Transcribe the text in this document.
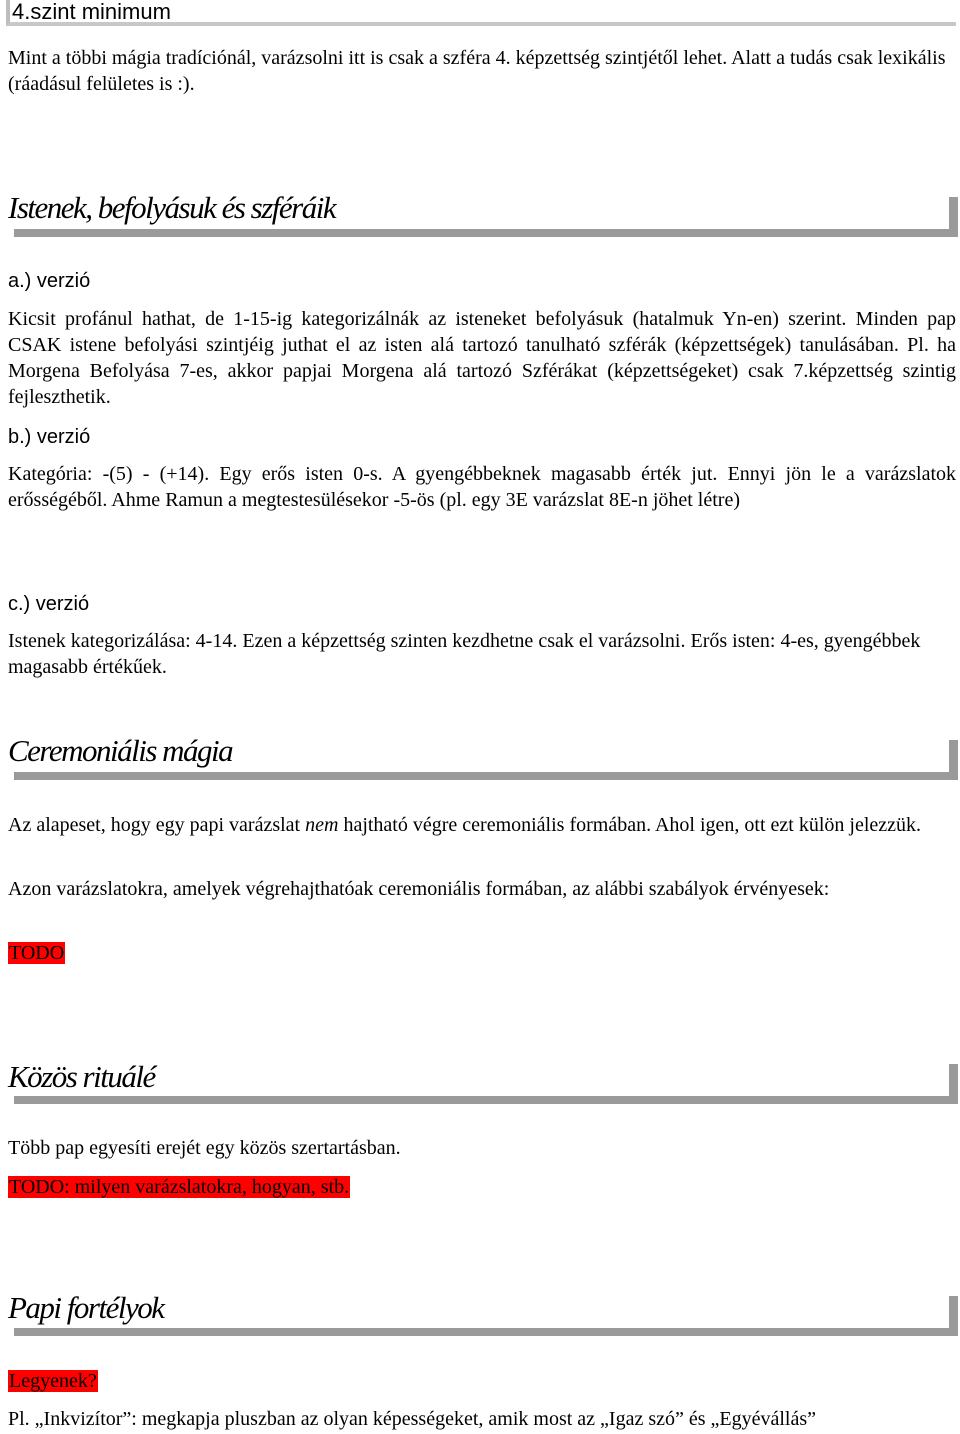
4.szint minimum
Mint a többi mágia tradíciónál, varázsolni itt is csak a szféra 4. képzettség szintjétől lehet. Alatt a tudás csak lexikális (ráadásul felületes is :).
Istenek, befolyásuk és szféráik
a.) verzió
Kicsit profánul hathat, de 1-15-ig kategorizálnák az isteneket befolyásuk (hatalmuk Yn-en) szerint. Minden pap CSAK istene befolyási szintjéig juthat el az isten alá tartozó tanulható szférák (képzettségek) tanulásában. Pl. ha Morgena Befolyása 7-es, akkor papjai Morgena alá tartozó Szférákat (képzettségeket) csak 7.képzettség szintig fejleszthetik.
b.) verzió
Kategória: -(5) - (+14). Egy erős isten 0-s. A gyengébbeknek magasabb érték jut. Ennyi jön le a varázslatok erősségéből. Ahme Ramun a megtestesülésekor -5-ös (pl. egy 3E varázslat 8E-n jöhet létre)
c.) verzió
Istenek kategorizálása: 4-14. Ezen a képzettség szinten kezdhetne csak el varázsolni. Erős isten: 4-es, gyengébbek magasabb értékűek.
Ceremoniális mágia
Az alapeset, hogy egy papi varázslat nem hajtható végre ceremoniális formában. Ahol igen, ott ezt külön jelezzük.
Azon varázslatokra, amelyek végrehajthatóak ceremoniális formában, az alábbi szabályok érvényesek:
TODO
Közös rituálé
Több pap egyesíti erejét egy közös szertartásban.
TODO: milyen varázslatokra, hogyan, stb.
Papi fortélyok
Legyenek?
Pl. „Inkvizítor”: megkapja pluszban az olyan képességeket, amik most az „Igaz szó” és „Egyévállás”
